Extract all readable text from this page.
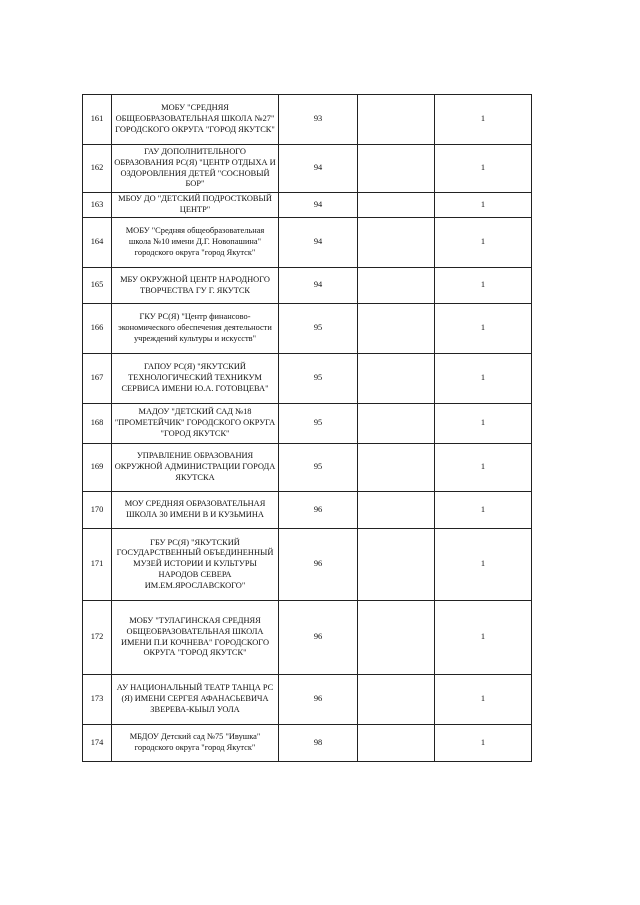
161	МОБУ "СРЕДНЯЯ ОБЩЕОБРАЗОВАТЕЛЬНАЯ ШКОЛА №27" ГОРОДСКОГО ОКРУГА "ГОРОД ЯКУТСК"	93		1
162	ГАУ ДОПОЛНИТЕЛЬНОГО ОБРАЗОВАНИЯ РС(Я) "ЦЕНТР ОТДЫХА И ОЗДОРОВЛЕНИЯ ДЕТЕЙ "СОСНОВЫЙ БОР"	94		1
163	МБОУ ДО "ДЕТСКИЙ ПОДРОСТКОВЫЙ ЦЕНТР"	94		1
164	МОБУ "Средняя общеобразовательная школа №10 имени Д.Г. Новопашина" городского округа "город Якутск"	94		1
165	МБУ ОКРУЖНОЙ ЦЕНТР НАРОДНОГО ТВОРЧЕСТВА ГУ Г. ЯКУТСК	94		1
166	ГКУ РС(Я) "Центр финансово-экономического обеспечения деятельности учреждений культуры и искусств"	95		1
167	ГАПОУ РС(Я) "ЯКУТСКИЙ ТЕХНОЛОГИЧЕСКИЙ ТЕХНИКУМ СЕРВИСА ИМЕНИ Ю.А. ГОТОВЦЕВА"	95		1
168	МАДОУ "ДЕТСКИЙ САД №18 "ПРОМЕТЕЙЧИК" ГОРОДСКОГО ОКРУГА "ГОРОД ЯКУТСК"	95		1
169	УПРАВЛЕНИЕ ОБРАЗОВАНИЯ ОКРУЖНОЙ АДМИНИСТРАЦИИ ГОРОДА ЯКУТСКА	95		1
170	МОУ СРЕДНЯЯ ОБРАЗОВАТЕЛЬНАЯ ШКОЛА 30 ИМЕНИ В И КУЗЬМИНА	96		1
171	ГБУ РС(Я) "ЯКУТСКИЙ ГОСУДАРСТВЕННЫЙ ОБЪЕДИНЕННЫЙ МУЗЕЙ ИСТОРИИ И КУЛЬТУРЫ НАРОДОВ СЕВЕРА ИМ.ЕМ.ЯРОСЛАВСКОГО"	96		1
172	МОБУ "ТУЛАГИНСКАЯ СРЕДНЯЯ ОБЩЕОБРАЗОВАТЕЛЬНАЯ ШКОЛА ИМЕНИ П.И КОЧНЕВА" ГОРОДСКОГО ОКРУГА "ГОРОД ЯКУТСК"	96		1
173	АУ НАЦИОНАЛЬНЫЙ ТЕАТР ТАНЦА РС (Я) ИМЕНИ СЕРГЕЯ АФАНАСЬЕВИЧА ЗВЕРЕВА-КЫЫЛ УОЛА	96		1
174	МБДОУ Детский сад №75 "Ивушка" городского округа "город Якутск"	98		1
